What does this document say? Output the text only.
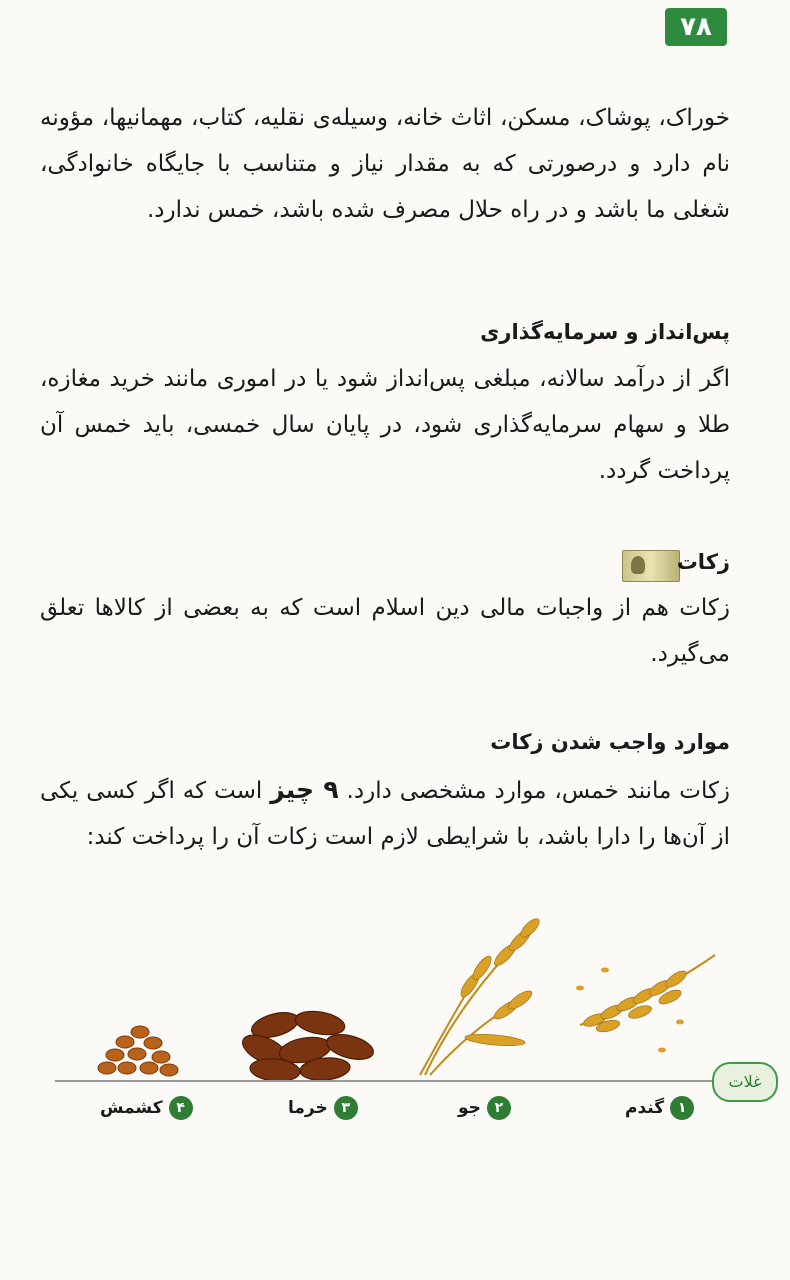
۷۸
خوراک، پوشاک، مسکن، اثاث خانه، وسیله‌ی نقلیه، کتاب، مهمانیها، مؤونه نام دارد و درصورتی که به مقدار نیاز و متناسب با جایگاه خانوادگی، شغلی ما باشد و در راه حلال مصرف شده باشد، خمس ندارد.
پس‌انداز و سرمایه‌گذاری
اگر از درآمد سالانه، مبلغی پس‌انداز شود یا در اموری مانند خرید مغازه، طلا و سهام سرمایه‌گذاری شود، در پایان سال خمسی، باید خمس آن پرداخت گردد.
زکات
زکات هم از واجبات مالی دین اسلام است که به بعضی از کالاها تعلق می‌گیرد.
موارد واجب شدن زکات
زکات مانند خمس، موارد مشخصی دارد. ۹ چیز است که اگر کسی یکی از آن‌ها را دارا باشد، با شرایطی لازم است زکات آن را پرداخت کند:
غلات
۱
گندم
۲
جو
۳
خرما
۴
کشمش
